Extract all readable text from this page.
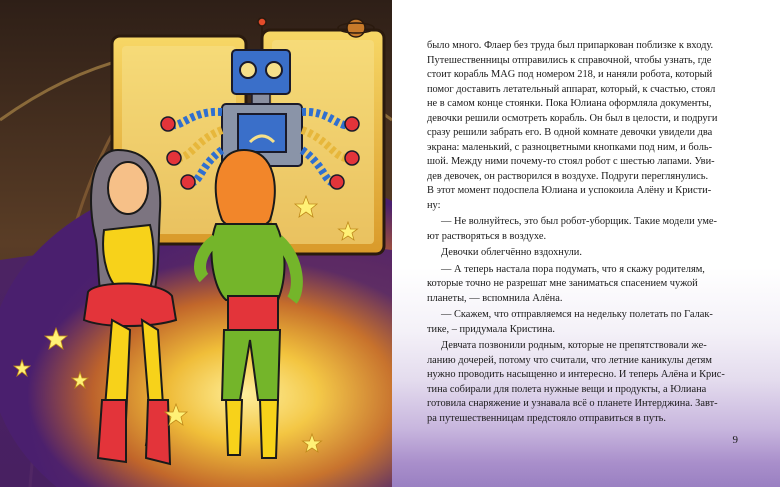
было много. Флаер без труда был припаркован поблизке к входу.
Путешественницы отправились к справочной, чтобы узнать, где
стоит корабль MAG под номером 218, и наняли робота, который
помог доставить летательный аппарат, который, к счастью, стоял
не в самом конце стоянки. Пока Юлиана оформляла документы,
девочки решили осмотреть корабль. Он был в целости, и подруги
сразу решили забрать его. В одной комнате девочки увидели два
экрана: маленький, с разноцветными кнопками под ним, и боль-
шой. Между ними почему-то стоял робот с шестью лапами. Уви-
дев девочек, он растворился в воздухе. Подруги переглянулись.
В этот момент подоспела Юлиана и успокоила Алёну и Кристи-
ну:
— Не волнуйтесь, это был робот-уборщик. Такие модели уме-
ют растворяться в воздухе.
Девочки облегчённо вздохнули.
— А теперь настала пора подумать, что я скажу родителям,
которые точно не разрешат мне заниматься спасением чужой
планеты, — вспомнила Алёна.
— Скажем, что отправляемся на недельку полетать по Галак-
тике, – придумала Кристина.
Девчата позвонили родным, которые не препятствовали же-
ланию дочерей, потому что считали, что летние каникулы детям
нужно проводить насыщенно и интересно. И теперь Алёна и Крис-
тина собирали для полета нужные вещи и продукты, а Юлиана
готовила снаряжение и узнавала всё о планете Интерджина. Завт-
ра путешественницам предстояло отправиться в путь.
9
